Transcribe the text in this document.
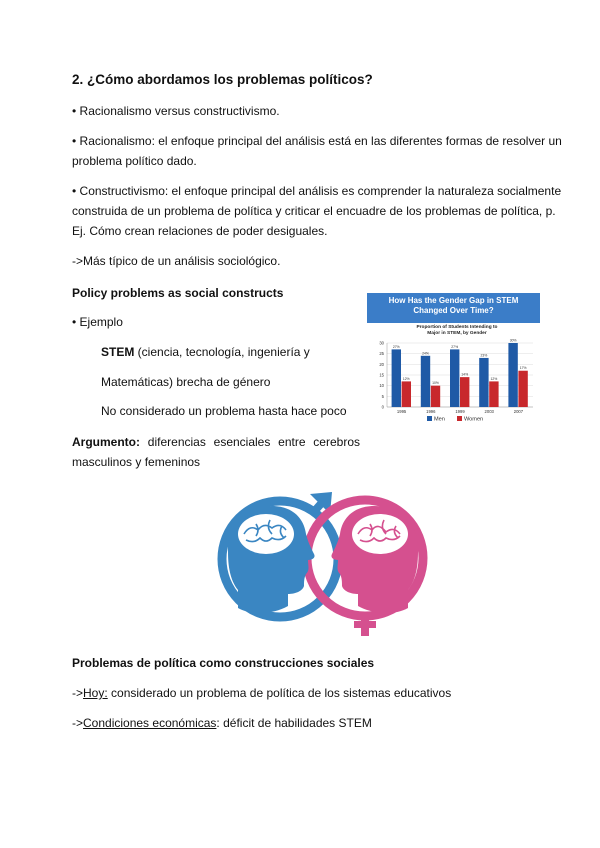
2. ¿Cómo abordamos los problemas políticos?
• Racionalismo versus constructivismo.
• Racionalismo: el enfoque principal del análisis está en las diferentes formas de resolver un
problema político dado.
• Constructivismo: el enfoque principal del análisis es comprender la naturaleza socialmente
construida de un problema de política y criticar el encuadre de los problemas de política, p.
Ej. Cómo crean relaciones de poder desiguales.
->Más típico de un análisis sociológico.
Policy problems as social constructs
• Ejemplo
STEM (ciencia, tecnología, ingeniería y
Matemáticas) brecha de género
No considerado un problema hasta hace poco
Argumento: diferencias esenciales entre cerebros
masculinos y femeninos
How Has the Gender Gap in STEM
Changed Over Time?
Proportion of Students Intending to
Major in STEM, by Gender
0
5
10
15
20
25
30
27%
12%
24%
10%
27%
14%
23%
12%
30%
17%
1995	1996	1999	2003	2007
Men	Women
Problemas de política como construcciones sociales
->Hoy: considerado un problema de política de los sistemas educativos
->Condiciones económicas: déficit de habilidades STEM
